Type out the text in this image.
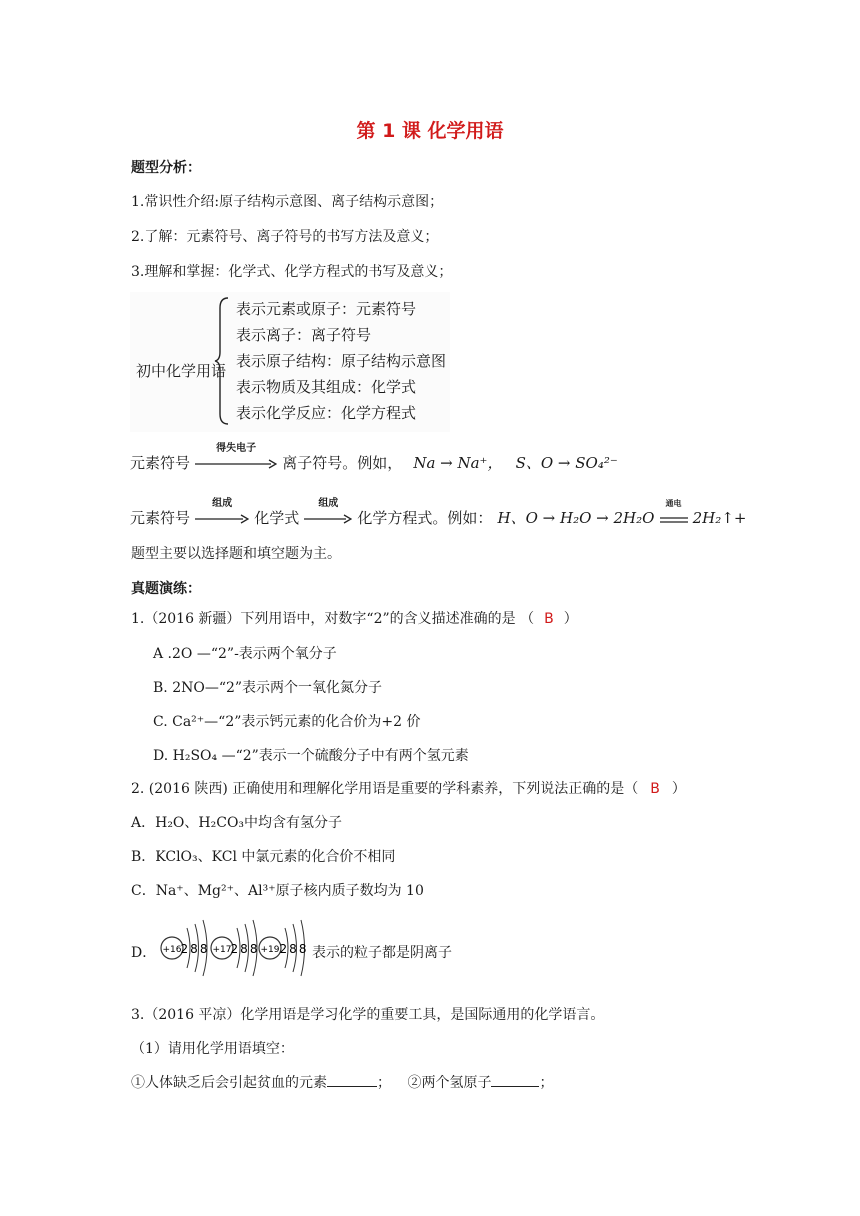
第 1 课 化学用语
题型分析：
1.常识性介绍:原子结构示意图、离子结构示意图；
2.了解：元素符号、离子符号的书写方法及意义；
3.理解和掌握：化学式、化学方程式的书写及意义；
初中化学用语
表示元素或原子：元素符号
表示离子：离子符号
表示原子结构：原子结构示意图
表示物质及其组成：化学式
表示化学反应：化学方程式
元素符号
得失电子
离子符号。例如， Na → Na⁺， S、O → SO₄²⁻
元素符号
组成
化学式
组成
化学方程式。例如： H、O → H₂O → 2H₂O
通电
2H₂↑+
题型主要以选择题和填空题为主。
真题演练：
1.（2016 新疆）下列用语中，对数字“2”的含义描述准确的是 （ B ）
A .2O —“2”-表示两个氧分子
B. 2NO—“2”表示两个一氧化氮分子
C. Ca²⁺—“2”表示钙元素的化合价为+2 价
D. H₂SO₄ —“2”表示一个硫酸分子中有两个氢元素
2. (2016 陕西) 正确使用和理解化学用语是重要的学科素养，下列说法正确的是（ B ）
A．H₂O、H₂CO₃中均含有氢分子
B．KClO₃、KCl 中氯元素的化合价不相同
C．Na⁺、Mg²⁺、Al³⁺原子核内质子数均为 10
D． +16 288 +17 288 +19 288 表示的粒子都是阴离子
3.（2016 平凉）化学用语是学习化学的重要工具，是国际通用的化学语言。
（1）请用化学用语填空：
①人体缺乏后会引起贫血的元素	； ②两个氢原子	；
